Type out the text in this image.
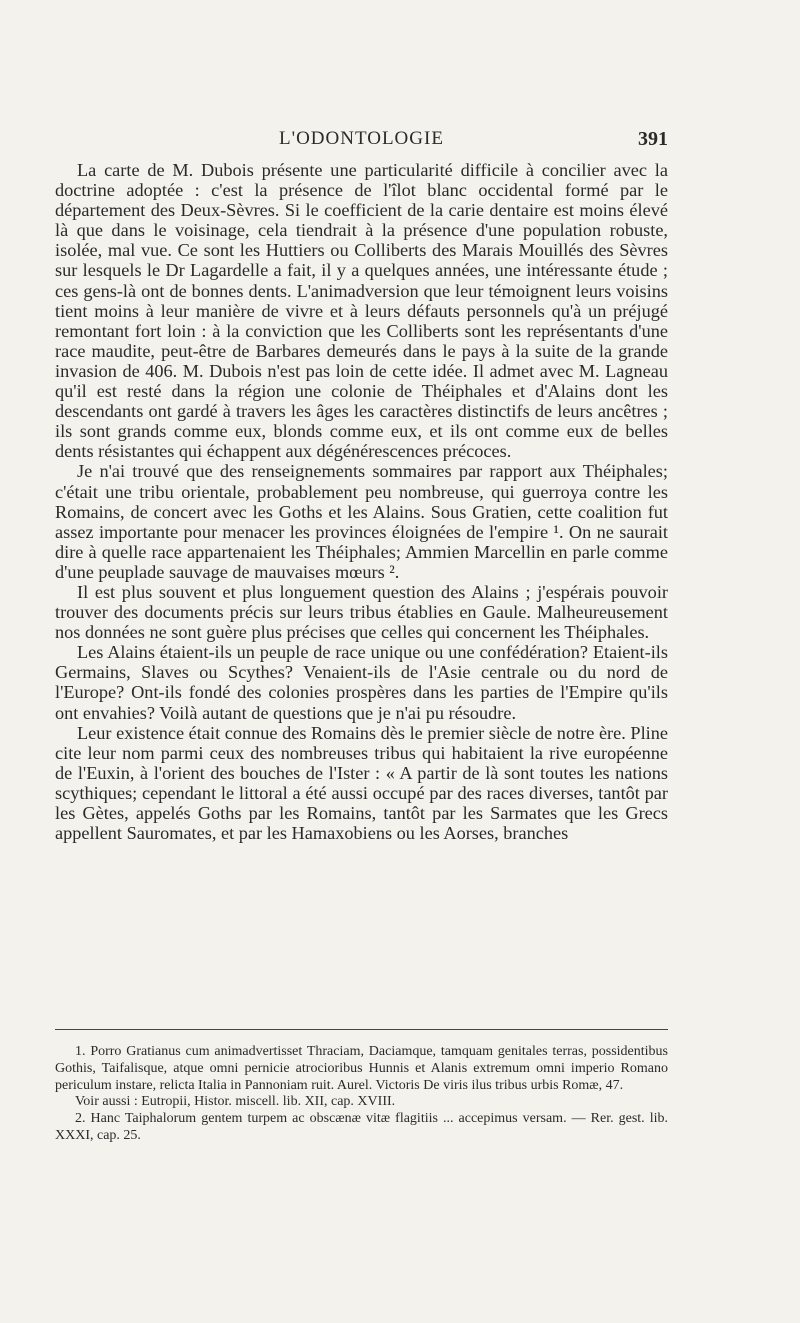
L'ODONTOLOGIE	391

La carte de M. Dubois présente une particularité difficile à concilier avec la doctrine adoptée : c'est la présence de l'îlot blanc occidental formé par le département des Deux-Sèvres. Si le coefficient de la carie dentaire est moins élevé là que dans le voisinage, cela tiendrait à la présence d'une population robuste, isolée, mal vue. Ce sont les Huttiers ou Colliberts des Marais Mouillés des Sèvres sur lesquels le Dr Lagardelle a fait, il y a quelques années, une intéressante étude ; ces gens-là ont de bonnes dents. L'animadversion que leur témoignent leurs voisins tient moins à leur manière de vivre et à leurs défauts personnels qu'à un préjugé remontant fort loin : à la conviction que les Colliberts sont les représentants d'une race maudite, peut-être de Barbares demeurés dans le pays à la suite de la grande invasion de 406. M. Dubois n'est pas loin de cette idée. Il admet avec M. Lagneau qu'il est resté dans la région une colonie de Théiphales et d'Alains dont les descendants ont gardé à travers les âges les caractères distinctifs de leurs ancêtres ; ils sont grands comme eux, blonds comme eux, et ils ont comme eux de belles dents résistantes qui échappent aux dégénérescences précoces.

Je n'ai trouvé que des renseignements sommaires par rapport aux Théiphales; c'était une tribu orientale, probablement peu nombreuse, qui guerroya contre les Romains, de concert avec les Goths et les Alains. Sous Gratien, cette coalition fut assez importante pour menacer les provinces éloignées de l'empire ¹. On ne saurait dire à quelle race appartenaient les Théiphales; Ammien Marcellin en parle comme d'une peuplade sauvage de mauvaises mœurs ².

Il est plus souvent et plus longuement question des Alains ; j'espérais pouvoir trouver des documents précis sur leurs tribus établies en Gaule. Malheureusement nos données ne sont guère plus précises que celles qui concernent les Théiphales.

Les Alains étaient-ils un peuple de race unique ou une confédération? Etaient-ils Germains, Slaves ou Scythes? Venaient-ils de l'Asie centrale ou du nord de l'Europe? Ont-ils fondé des colonies prospères dans les parties de l'Empire qu'ils ont envahies? Voilà autant de questions que je n'ai pu résoudre.

Leur existence était connue des Romains dès le premier siècle de notre ère. Pline cite leur nom parmi ceux des nombreuses tribus qui habitaient la rive européenne de l'Euxin, à l'orient des bouches de l'Ister : « A partir de là sont toutes les nations scythiques; cependant le littoral a été aussi occupé par des races diverses, tantôt par les Gètes, appelés Goths par les Romains, tantôt par les Sarmates que les Grecs appellent Sauromates, et par les Hamaxobiens ou les Aorses, branches

1. Porro Gratianus cum animadvertisset Thraciam, Daciamque, tamquam genitales terras, possidentibus Gothis, Taifalisque, atque omni pernicie atrocioribus Hunnis et Alanis extremum omni imperio Romano periculum instare, relicta Italia in Pannoniam ruit. Aurel. Victoris De viris ilus tribus urbis Romæ, 47.

Voir aussi : Eutropii, Histor. miscell. lib. XII, cap. XVIII.

2. Hanc Taiphalorum gentem turpem ac obscænæ vitæ flagitiis ... accepimus versam. — Rer. gest. lib. XXXI, cap. 25.
